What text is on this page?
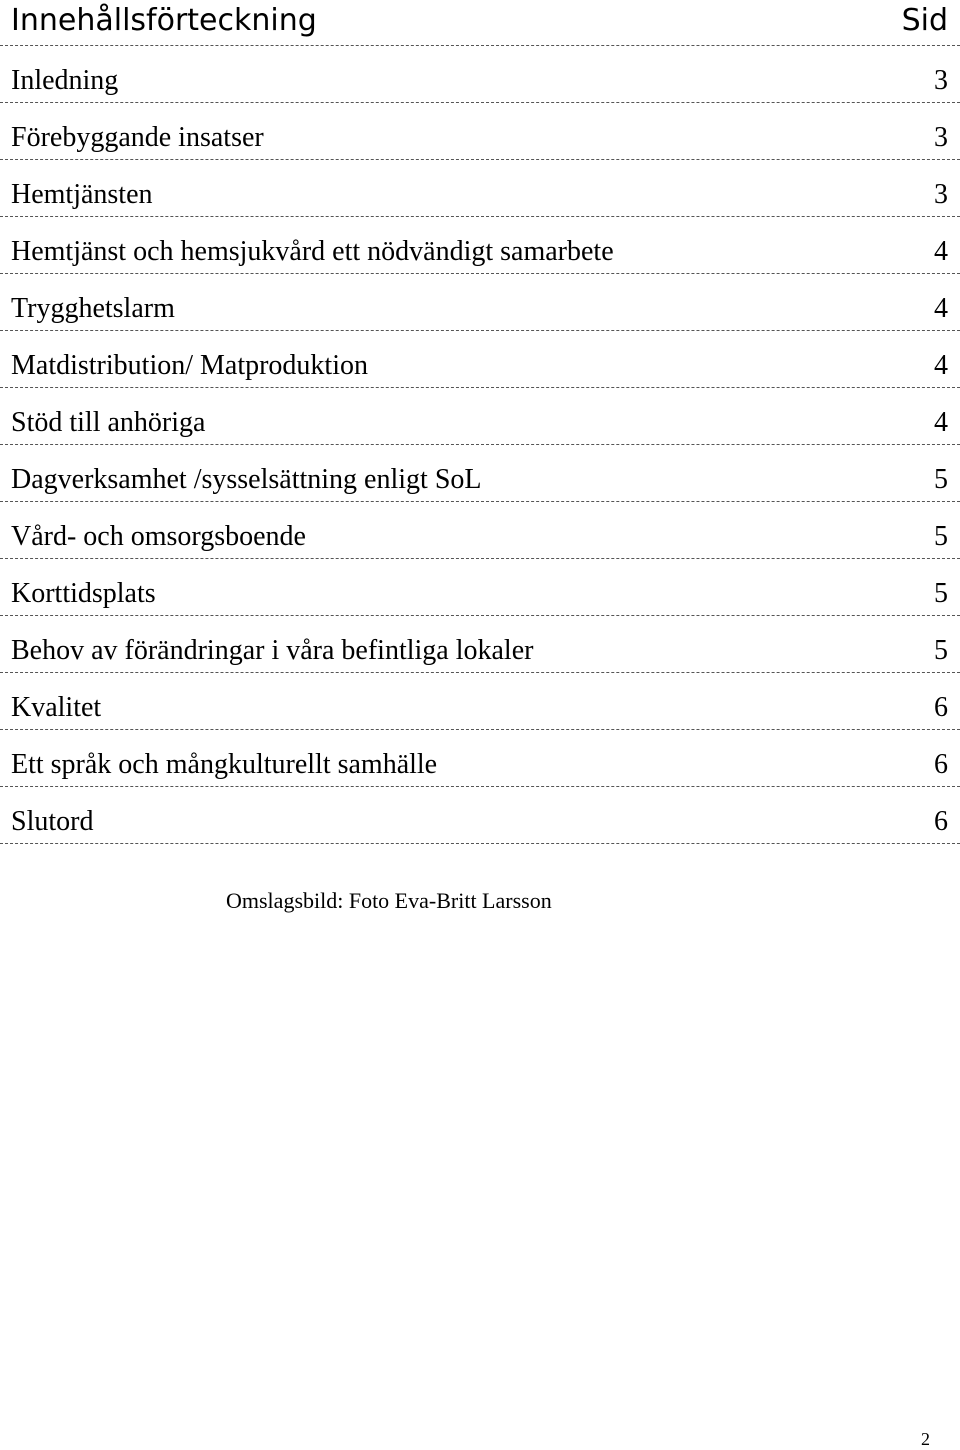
Innehållsförteckning	Sid
Inledning	3
Förebyggande insatser	3
Hemtjänsten	3
Hemtjänst och hemsjukvård ett nödvändigt samarbete	4
Trygghetslarm	4
Matdistribution/ Matproduktion	4
Stöd till anhöriga	4
Dagverksamhet /sysselsättning enligt SoL	5
Vård- och omsorgsboende	5
Korttidsplats	5
Behov av förändringar i våra befintliga lokaler	5
Kvalitet	6
Ett språk och mångkulturellt samhälle	6
Slutord	6
Omslagsbild: Foto Eva-Britt Larsson
2
